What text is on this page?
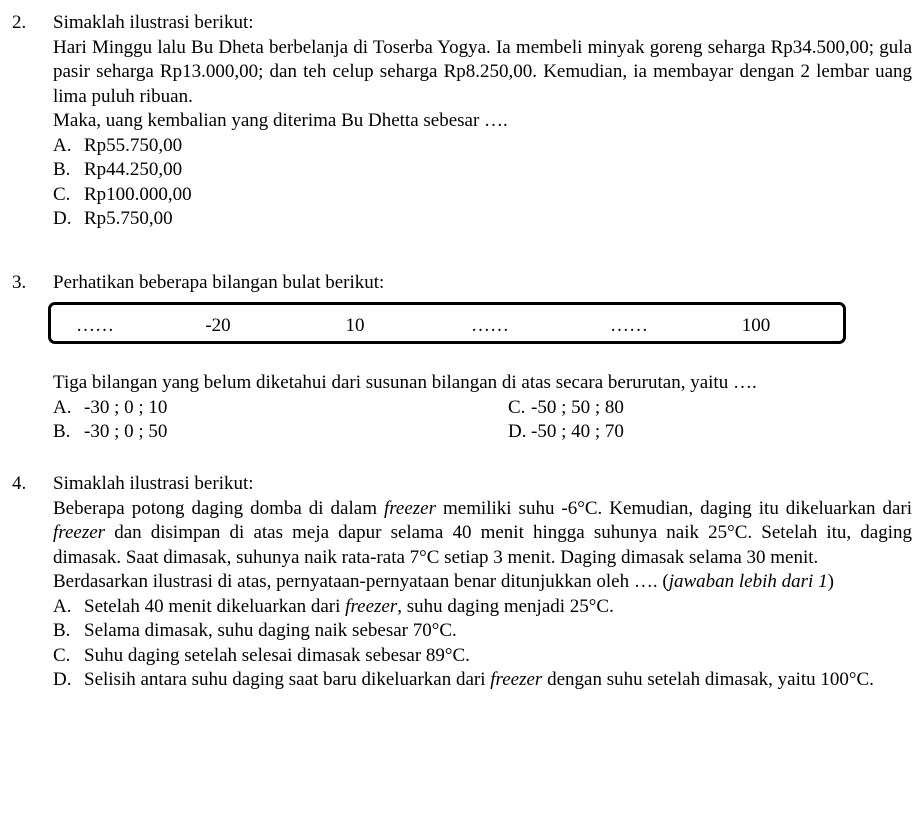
2.	Simaklah ilustrasi berikut:
Hari Minggu lalu Bu Dheta berbelanja di Toserba Yogya. Ia membeli minyak goreng seharga Rp34.500,00; gula pasir seharga Rp13.000,00; dan teh celup seharga Rp8.250,00. Kemudian, ia membayar dengan 2 lembar uang lima puluh ribuan.
Maka, uang kembalian yang diterima Bu Dhetta sebesar ….
A. Rp55.750,00
B. Rp44.250,00
C. Rp100.000,00
D. Rp5.750,00
3.	Perhatikan beberapa bilangan bulat berikut:
……	-20	10	……	……	100
Tiga bilangan yang belum diketahui dari susunan bilangan di atas secara berurutan, yaitu ….
A. -30 ; 0 ; 10	C. -50 ; 50 ; 80
B. -30 ; 0 ; 50	D. -50 ; 40 ; 70
4.	Simaklah ilustrasi berikut:
Beberapa potong daging domba di dalam freezer memiliki suhu -6°C. Kemudian, daging itu dikeluarkan dari freezer dan disimpan di atas meja dapur selama 40 menit hingga suhunya naik 25°C. Setelah itu, daging dimasak. Saat dimasak, suhunya naik rata-rata 7°C setiap 3 menit. Daging dimasak selama 30 menit.
Berdasarkan ilustrasi di atas, pernyataan-pernyataan benar ditunjukkan oleh …. (jawaban lebih dari 1)
A. Setelah 40 menit dikeluarkan dari freezer, suhu daging menjadi 25°C.
B. Selama dimasak, suhu daging naik sebesar 70°C.
C. Suhu daging setelah selesai dimasak sebesar 89°C.
D. Selisih antara suhu daging saat baru dikeluarkan dari freezer dengan suhu setelah dimasak, yaitu 100°C.
